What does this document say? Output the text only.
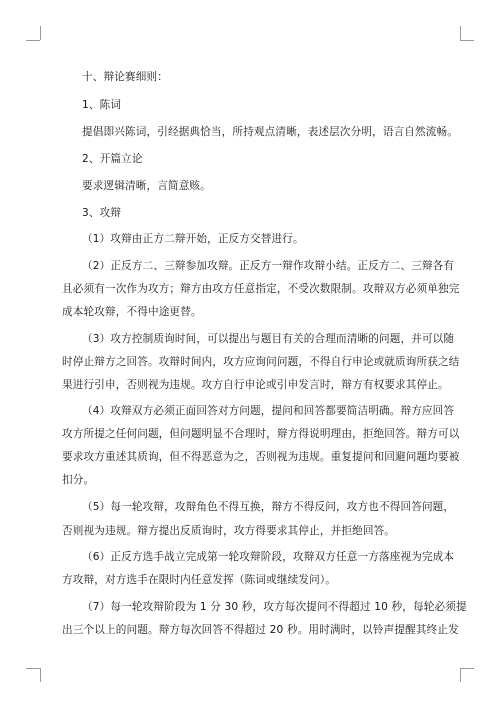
十、辩论赛细则：
1、陈词
提倡即兴陈词，引经据典恰当，所持观点清晰，表述层次分明，语言自然流畅。
2、开篇立论
要求逻辑清晰，言简意赅。
3、攻辩
（1）攻辩由正方二辩开始，正反方交替进行。
（2）正反方二、三辩参加攻辩。正反方一辩作攻辩小结。正反方二、三辩各有
且必须有一次作为攻方；辩方由攻方任意指定，不受次数限制。攻辩双方必须单独完
成本轮攻辩，不得中途更替。
（3）攻方控制质询时间，可以提出与题目有关的合理而清晰的问题，并可以随
时停止辩方之回答。攻辩时间内，攻方应询问问题，不得自行申论或就质询所获之结
果进行引申，否则视为违规。攻方自行申论或引申发言时，辩方有权要求其停止。
（4）攻辩双方必须正面回答对方问题，提问和回答都要简洁明确。辩方应回答
攻方所提之任何问题，但问题明显不合理时，辩方得说明理由，拒绝回答。辩方可以
要求攻方重述其质询，但不得恶意为之，否则视为违规。重复提问和回避问题均要被
扣分。
（5）每一轮攻辩，攻辩角色不得互换，辩方不得反问，攻方也不得回答问题，
否则视为违规。辩方提出反质询时，攻方得要求其停止，并拒绝回答。
（6）正反方选手战立完成第一轮攻辩阶段，攻辩双方任意一方落座视为完成本
方攻辩，对方选手在限时内任意发挥（陈词或继续发问）。
（7）每一轮攻辩阶段为 1 分 30 秒，攻方每次提问不得超过 10 秒，每轮必须提
出三个以上的问题。辩方每次回答不得超过 20 秒。用时满时，以铃声提醒其终止发
